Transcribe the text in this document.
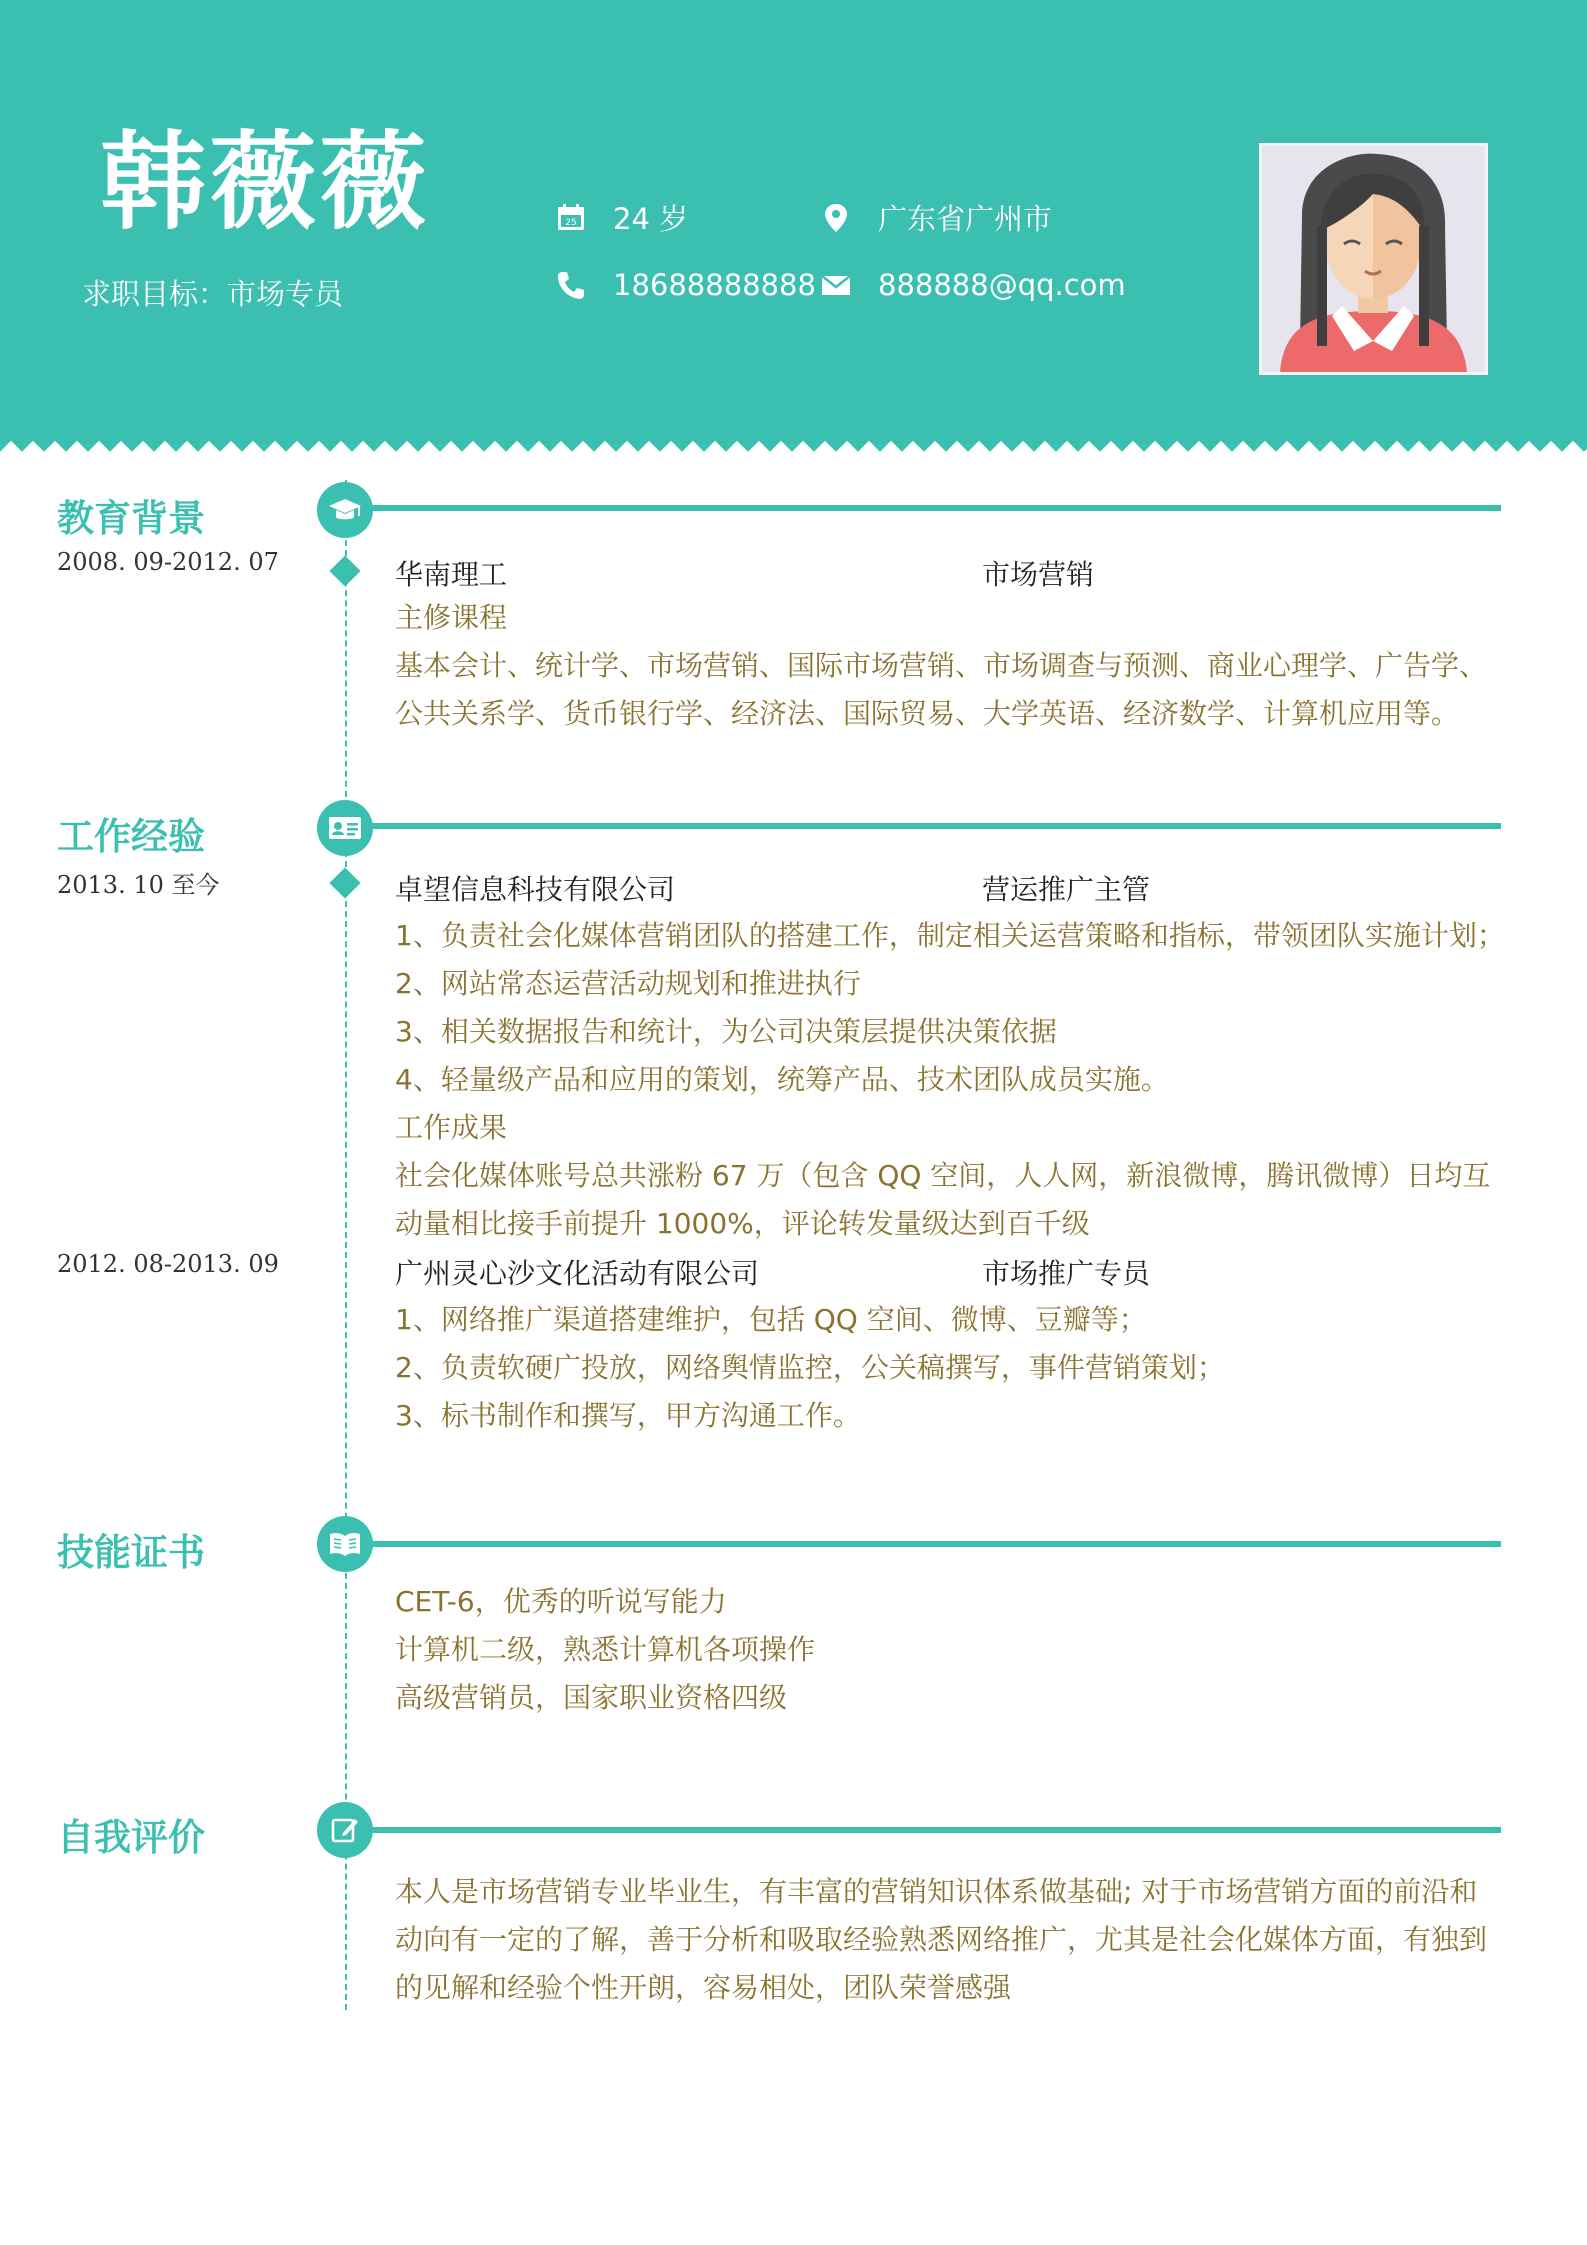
韩薇薇
求职目标：市场专员
25 24 岁	广东省广州市
18688888888 888888@qq.com
教育背景
2008. 09-2012. 07	华南理工	市场营销
主修课程
基本会计、统计学、市场营销、国际市场营销、市场调查与预测、商业心理学、广告学、公共关系学、货币银行学、经济法、国际贸易、大学英语、经济数学、计算机应用等。
工作经验
2013. 10 至今	卓望信息科技有限公司	营运推广主管
1、负责社会化媒体营销团队的搭建工作，制定相关运营策略和指标，带领团队实施计划；
2、网站常态运营活动规划和推进执行
3、相关数据报告和统计，为公司决策层提供决策依据
4、轻量级产品和应用的策划，统筹产品、技术团队成员实施。
工作成果
社会化媒体账号总共涨粉 67 万（包含 QQ 空间，人人网，新浪微博，腾讯微博）日均互动量相比接手前提升 1000%，评论转发量级达到百千级
2012. 08-2013. 09	广州灵心沙文化活动有限公司	市场推广专员
1、网络推广渠道搭建维护，包括 QQ 空间、微博、豆瓣等；
2、负责软硬广投放，网络舆情监控，公关稿撰写，事件营销策划；
3、标书制作和撰写，甲方沟通工作。
技能证书
CET-6，优秀的听说写能力
计算机二级，熟悉计算机各项操作
高级营销员，国家职业资格四级
自我评价
本人是市场营销专业毕业生，有丰富的营销知识体系做基础; 对于市场营销方面的前沿和动向有一定的了解，善于分析和吸取经验熟悉网络推广，尤其是社会化媒体方面，有独到的见解和经验个性开朗，容易相处，团队荣誉感强
